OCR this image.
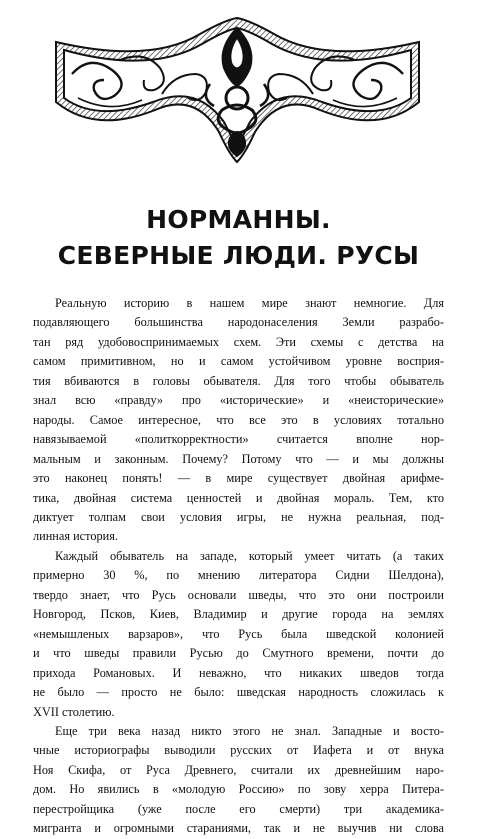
НОРМАННЫ.
СЕВЕРНЫЕ ЛЮДИ. РУСЫ

Реальную историю в нашем мире знают немногие. Для
подавляющего большинства народонаселения Земли разрабо-
тан ряд удобовоспринимаемых схем. Эти схемы с детства на
самом примитивном, но и самом устойчивом уровне восприя-
тия вбиваются в головы обывателя. Для того чтобы обыватель
знал всю «правду» про «исторические» и «неисторические»
народы. Самое интересное, что все это в условиях тотально
навязываемой «политкорректности» считается вполне нор-
мальным и законным. Почему? Потому что — и мы должны
это наконец понять! — в мире существует двойная арифме-
тика, двойная система ценностей и двойная мораль. Тем, кто
диктует толпам свои условия игры, не нужна реальная, под-
линная история.

Каждый обыватель на западе, который умеет читать (а таких
примерно 30 %, по мнению литератора Сидни Шелдона),
твердо знает, что Русь основали шведы, что это они построили
Новгород, Псков, Киев, Владимир и другие города на землях
«немышленых варзаров», что Русь была шведской колонией
и что шведы правили Русью до Смутного времени, почти до
прихода Романовых. И неважно, что никаких шведов тогда
не было — просто не было: шведская народность сложилась к
XVII столетию.

Еще три века назад никто этого не знал. Западные и восто-
чные историографы выводили русских от Иафета и от внука
Ноя Скифа, от Руса Древнего, считали их древнейшим наро-
дом. Но явились в «молодую Россию» по зову херра Питера-
перестройщика (уже после его смерти) три академика-
мигранта и огромными стараниями, так и не выучив ни слова
